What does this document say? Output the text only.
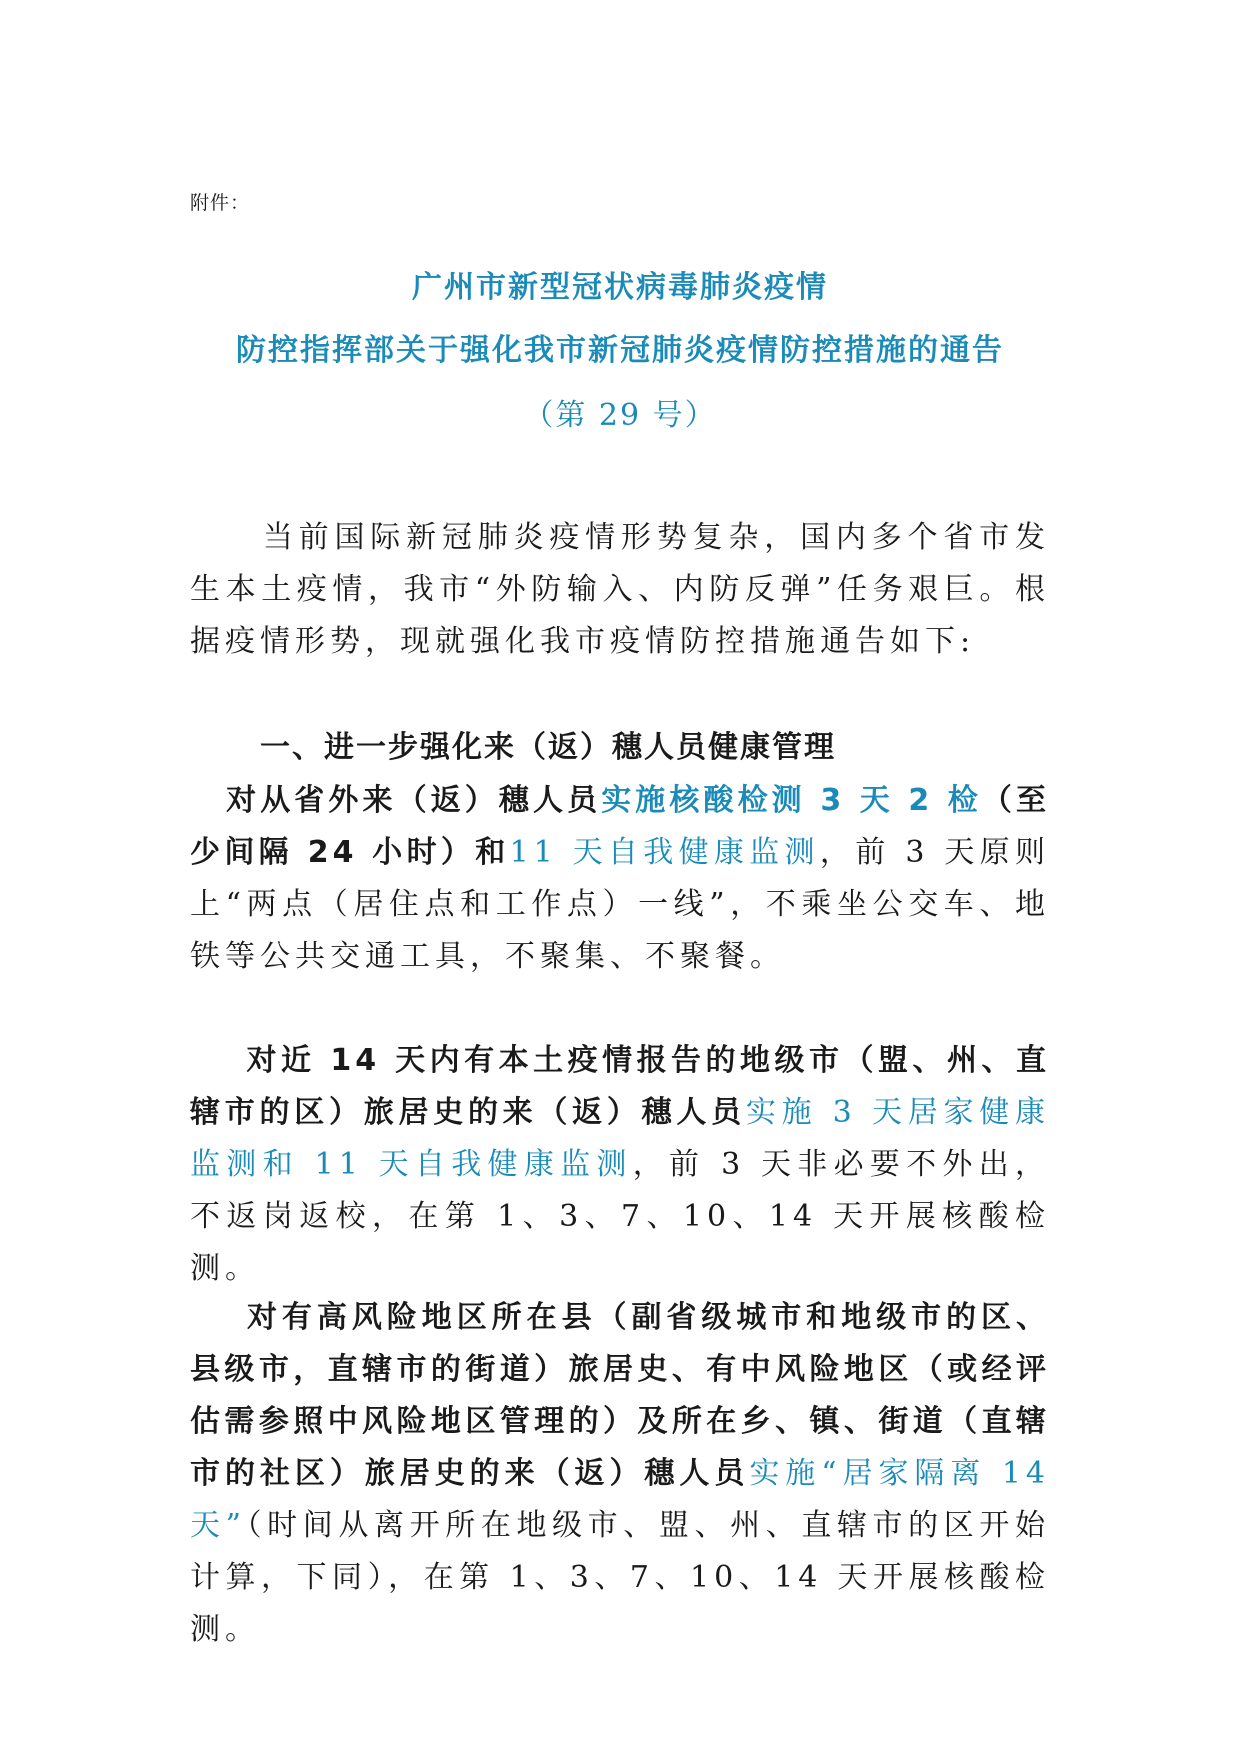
附件：
广州市新型冠状病毒肺炎疫情
防控指挥部关于强化我市新冠肺炎疫情防控措施的通告
（第 29 号）

当前国际新冠肺炎疫情形势复杂，国内多个省市发生本土疫情，我市“外防输入、内防反弹”任务艰巨。根据疫情形势，现就强化我市疫情防控措施通告如下:

一、进一步强化来（返）穗人员健康管理

对从省外来（返）穗人员实施核酸检测 3 天 2 检（至少间隔 24 小时）和11 天自我健康监测，前 3 天原则上“两点（居住点和工作点）一线”，不乘坐公交车、地铁等公共交通工具，不聚集、不聚餐。

对近 14 天内有本土疫情报告的地级市（盟、州、直辖市的区）旅居史的来（返）穗人员实施 3 天居家健康监测和 11 天自我健康监测，前 3 天非必要不外出，不返岗返校，在第 1、3、7、10、14 天开展核酸检测。

对有高风险地区所在县（副省级城市和地级市的区、县级市，直辖市的街道）旅居史、有中风险地区（或经评估需参照中风险地区管理的）及所在乡、镇、街道（直辖市的社区）旅居史的来（返）穗人员实施“居家隔离 14 天”（时间从离开所在地级市、盟、州、直辖市的区开始计算，下同），在第 1、3、7、10、14 天开展核酸检测。
